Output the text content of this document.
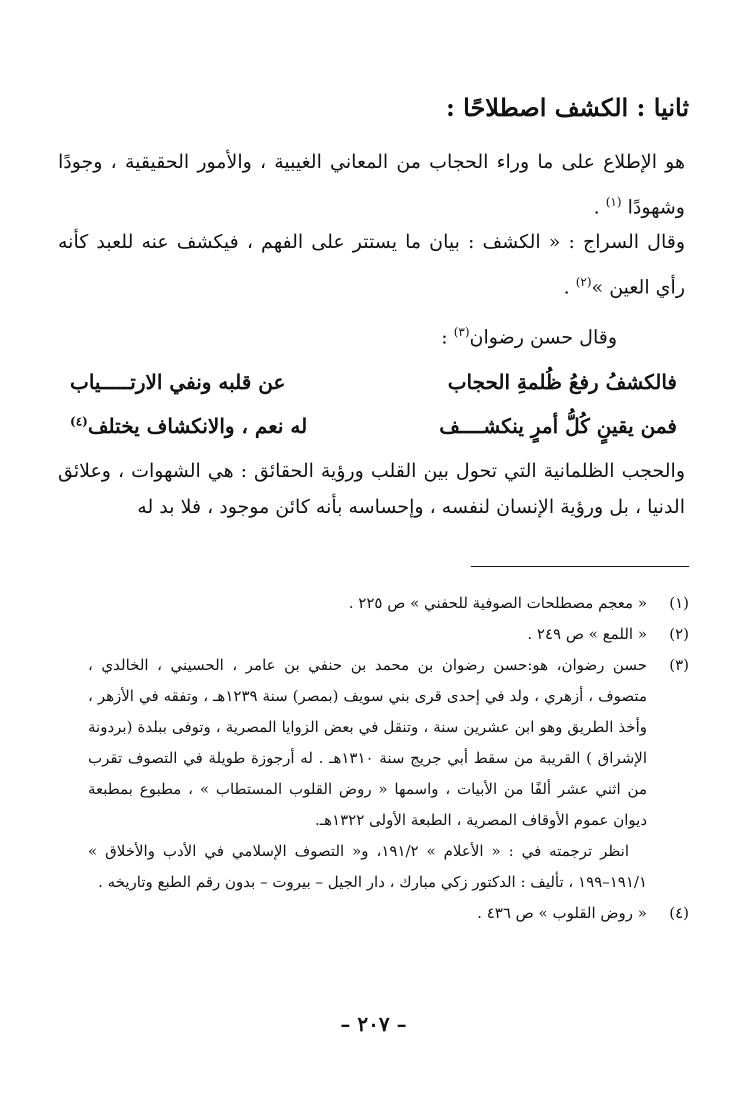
ثانيا : الكشف اصطلاحًا :
هو الإطلاع على ما وراء الحجاب من المعاني الغيبية ، والأمور الحقيقية ، وجودًا وشهودًا $^{(١)}$ .
وقال السراج : « الكشف : بيان ما يستتر على الفهم ، فيكشف عنه للعبد كأنه رأي العين »$^{(٢)}$ .
وقال حسن رضوان$^{(٣)}$ :
فالكشفُ رفعُ ظُلمةِ الحجاب
عن قلبه ونفي الارتـــــياب
فمن يقينٍ كُلُّ أمرٍ ينكشــــف
له نعم ، والانكشاف يختلف$^{(٤)}$
والحجب الظلمانية التي تحول بين القلب ورؤية الحقائق : هي الشهوات ، وعلائق الدنيا ، بل ورؤية الإنسان لنفسه ، وإحساسه بأنه كائن موجود ، فلا بد له
(١)
« معجم مصطلحات الصوفية للحفني » ص ٢٢٥ .
(٢)
« اللمع » ص ٢٤٩ .
(٣)
حسن رضوان، هو:حسن رضوان بن محمد بن حنفي بن عامر ، الحسيني ، الخالدي ، متصوف ، أزهري ، ولد في إحدى قرى بني سويف (بمصر) سنة ١٢٣٩هـ ، وتفقه في الأزهر ، وأخذ الطريق وهو ابن عشرين سنة ، وتنقل في بعض الزوايا المصرية ، وتوفى ببلدة (بردونة الإشراق ) القريبة من سقط أبي جريج سنة ١٣١٠هـ . له أرجوزة طويلة في التصوف تقرب من اثني عشر ألفًا من الأبيات ، واسمها « روض القلوب المستطاب » ، مطبوع بمطبعة ديوان عموم الأوقاف المصرية ، الطبعة الأولى ١٣٢٢هـ.
انظر ترجمته في : « الأعلام » ١٩١/٢، و« التصوف الإسلامي في الأدب والأخلاق » ١٩١/١–١٩٩ ، تأليف : الدكتور زكي مبارك ، دار الجيل – بيروت – بدون رقم الطبع وتاريخه .
(٤)
« روض القلوب » ص ٤٣٦ .
– ٢٠٧ –
